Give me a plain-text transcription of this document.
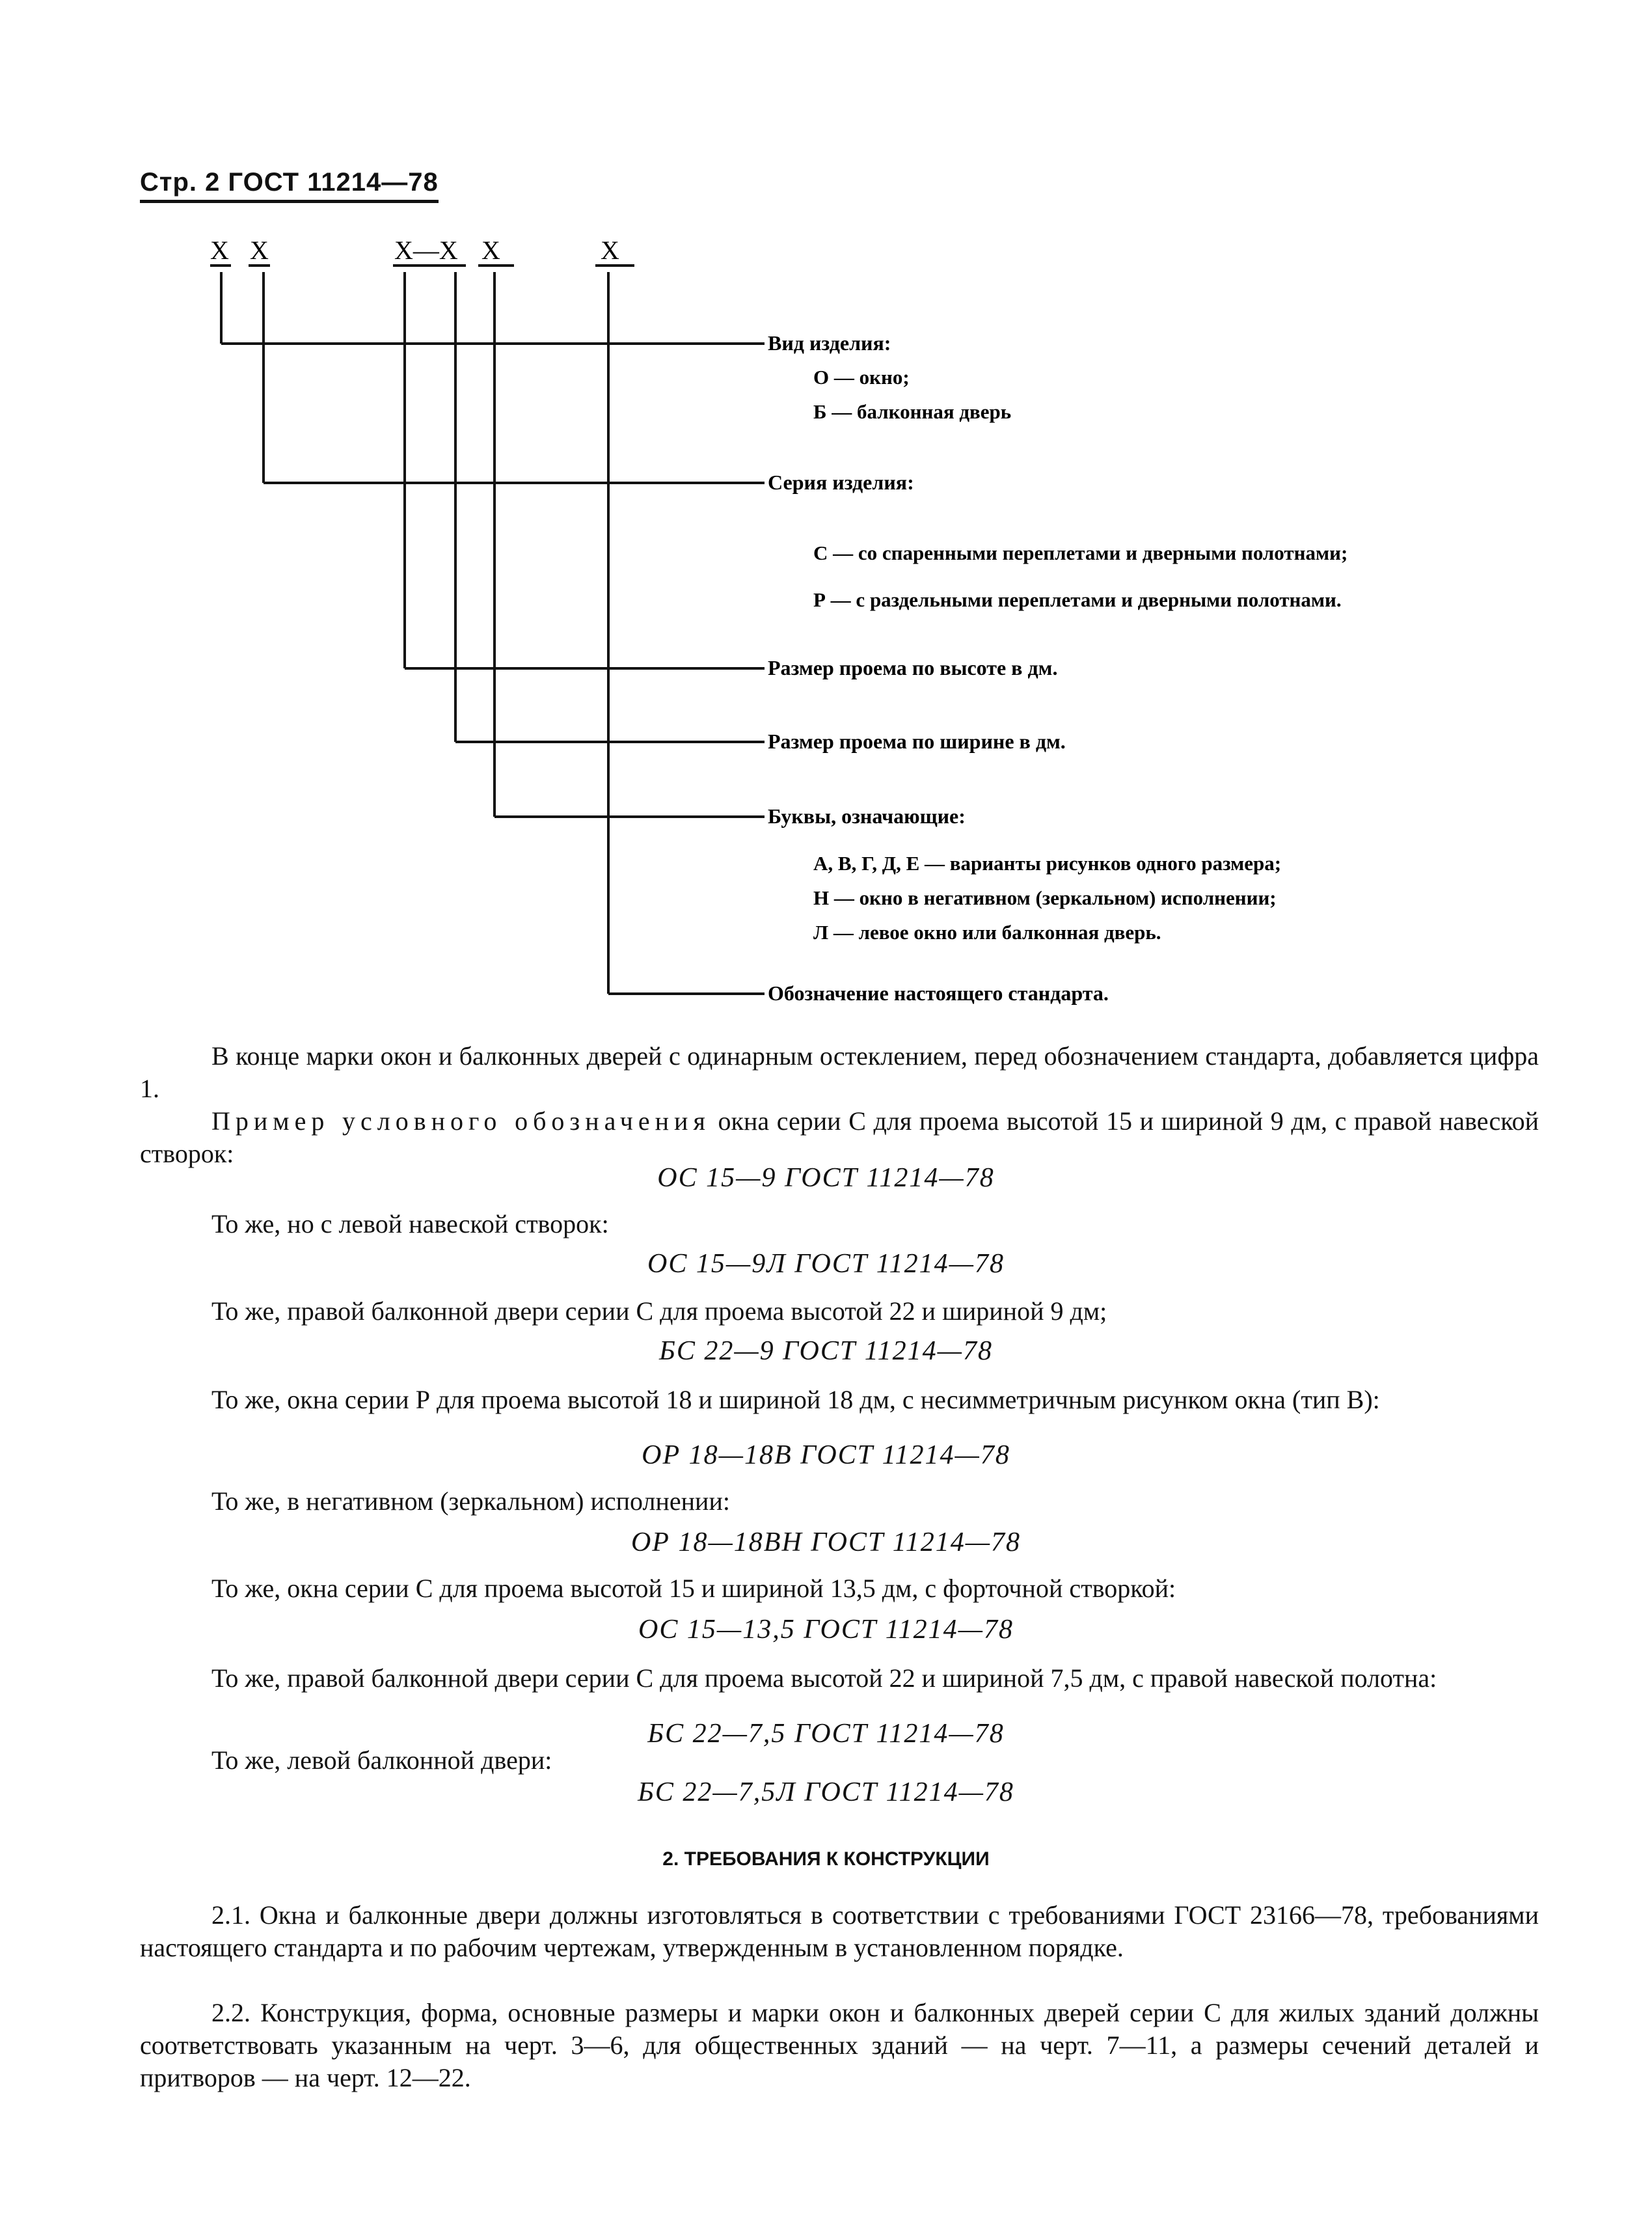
Стр. 2 ГОСТ 11214—78
Х Х	Х—Х Х	Х
Вид изделия:
О — окно;
Б — балконная дверь
Серия изделия:
С — со спаренными переплетами и дверными полотнами;
Р — с раздельными переплетами и дверными полотнами.
Размер проема по высоте в дм.
Размер проема по ширине в дм.
Буквы, означающие:
А, В, Г, Д, Е — варианты рисунков одного размера;
Н — окно в негативном (зеркальном) исполнении;
Л — левое окно или балконная дверь.
Обозначение настоящего стандарта.

В конце марки окон и балконных дверей с одинарным остеклением, перед обозначением стандарта, добавляется цифра 1.

Пример условного обозначения окна серии С для проема высотой 15 и шириной 9 дм, с правой навеской створок:

ОС 15—9 ГОСТ 11214—78

То же, но с левой навеской створок:

ОС 15—9Л ГОСТ 11214—78

То же, правой балконной двери серии С для проема высотой 22 и шириной 9 дм;

БС 22—9 ГОСТ 11214—78

То же, окна серии Р для проема высотой 18 и шириной 18 дм, с несимметричным рисунком окна (тип В):

ОР 18—18В ГОСТ 11214—78

То же, в негативном (зеркальном) исполнении:

ОР 18—18ВН ГОСТ 11214—78

То же, окна серии С для проема высотой 15 и шириной 13,5 дм, с форточной створкой:

ОС 15—13,5 ГОСТ 11214—78

То же, правой балконной двери серии С для проема высотой 22 и шириной 7,5 дм, с правой навеской полотна:

БС 22—7,5 ГОСТ 11214—78

То же, левой балконной двери:

БС 22—7,5Л ГОСТ 11214—78
2. ТРЕБОВАНИЯ К КОНСТРУКЦИИ

2.1. Окна и балконные двери должны изготовляться в соответствии с требованиями ГОСТ 23166—78, требованиями настоящего стандарта и по рабочим чертежам, утвержденным в установленном порядке.

2.2. Конструкция, форма, основные размеры и марки окон и балконных дверей серии С для жилых зданий должны соответствовать указанным на черт. 3—6, для общественных зданий — на черт. 7—11, а размеры сечений деталей и притворов — на черт. 12—22.
